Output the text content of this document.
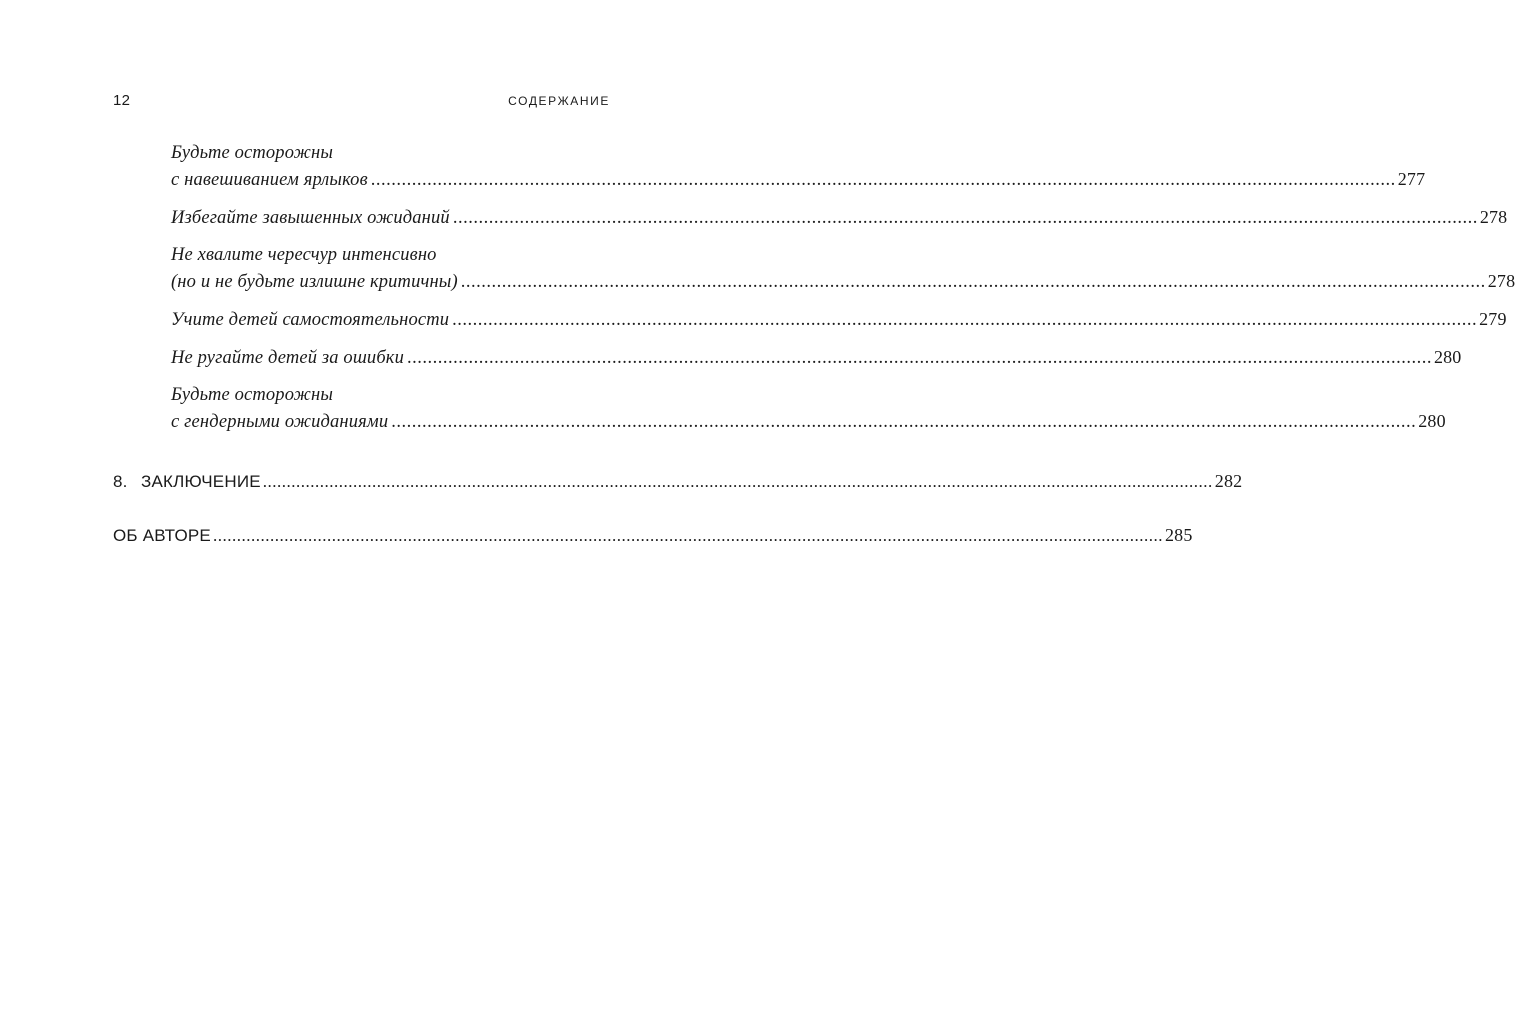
12	СОДЕРЖАНИЕ
Будьте осторожны
с навешиванием ярлыков ........................................................................................................................................................................................................ 277
Избегайте завышенных ожиданий ........................................................................................................................................................................................................ 278
Не хвалите чересчур интенсивно
(но и не будьте излишне критичны) ........................................................................................................................................................................................................ 278
Учите детей самостоятельности ........................................................................................................................................................................................................ 279
Не ругайте детей за ошибки ........................................................................................................................................................................................................ 280
Будьте осторожны
с гендерными ожиданиями ........................................................................................................................................................................................................ 280
8. ЗАКЛЮЧЕНИЕ ........................................................................................................................................................................................................ 282
ОБ АВТОРЕ ........................................................................................................................................................................................................ 285
